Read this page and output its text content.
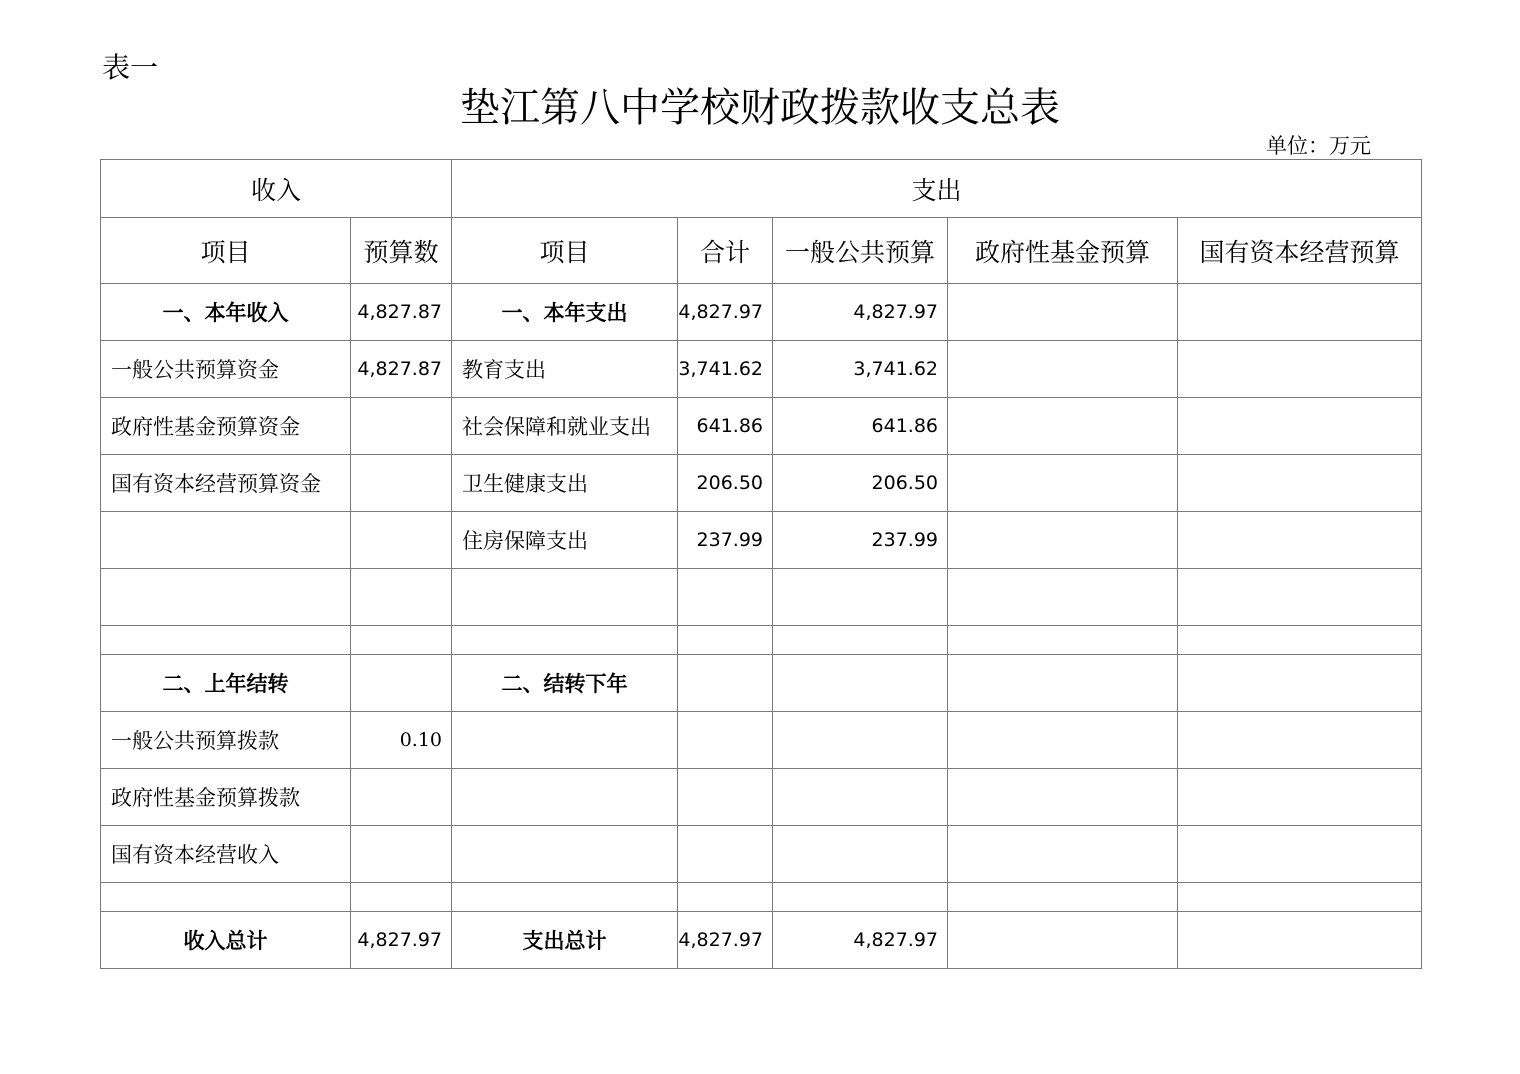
表一
垫江第八中学校财政拨款收支总表
单位：万元
收入		支出				
项目	预算数	项目	合计	一般公共预算	政府性基金预算	国有资本经营预算
一、本年收入	4,827.87	一、本年支出	4,827.97	4,827.97		
一般公共预算资金	4,827.87	教育支出	3,741.62	3,741.62		
政府性基金预算资金		社会保障和就业支出	641.86	641.86		
国有资本经营预算资金		卫生健康支出	206.50	206.50		
		住房保障支出	237.99	237.99		

二、上年结转		二、结转下年				
一般公共预算拨款	0.10					
政府性基金预算拨款						
国有资本经营收入						

收入总计	4,827.97	支出总计	4,827.97	4,827.97		
